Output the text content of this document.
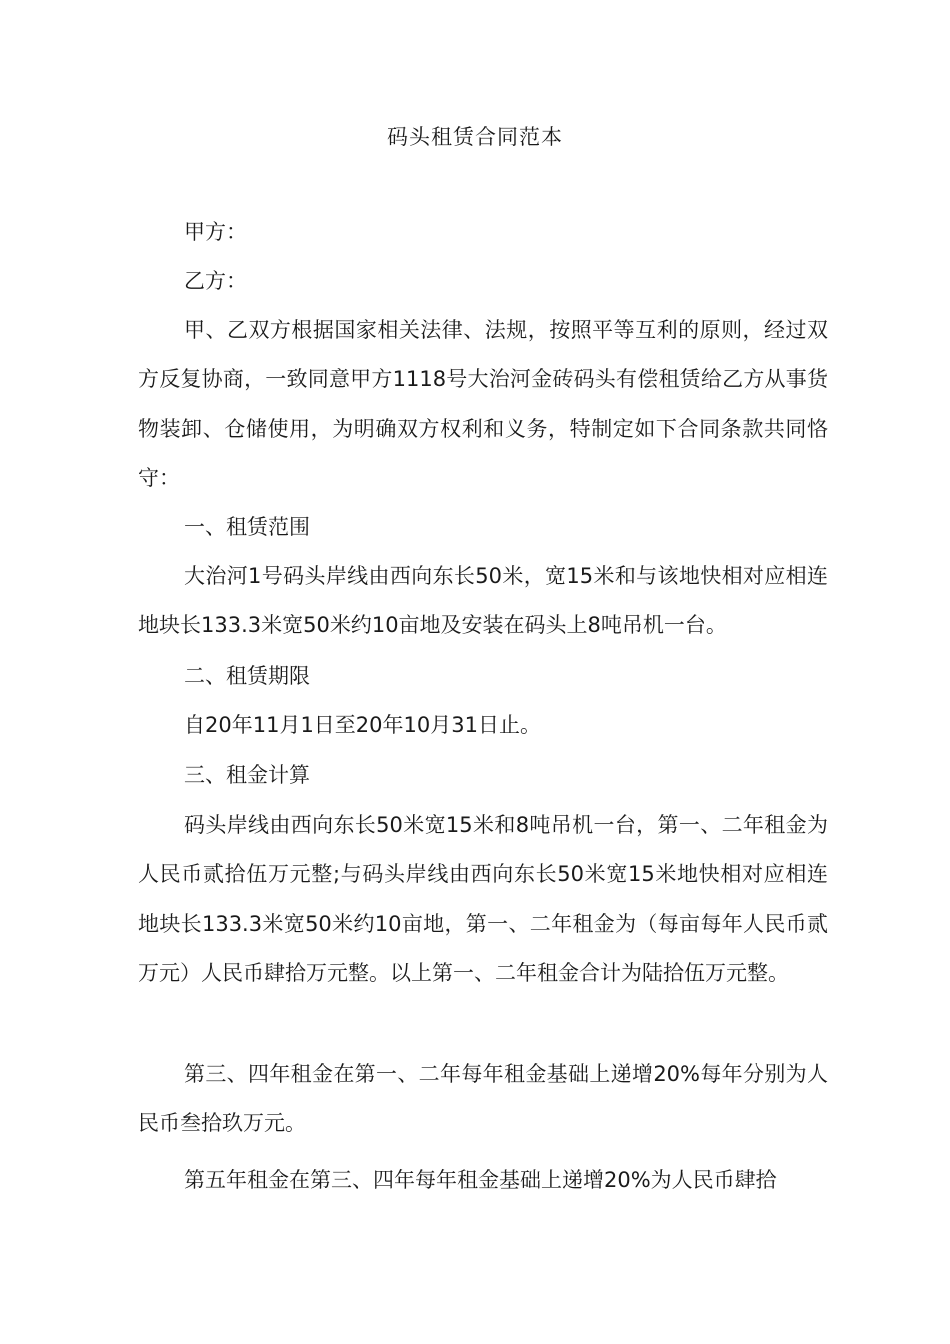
码头租赁合同范本

甲方：

乙方：

甲、乙双方根据国家相关法律、法规，按照平等互利的原则，经过双方反复协商，一致同意甲方1118号大治河金砖码头有偿租赁给乙方从事货物装卸、仓储使用，为明确双方权利和义务，特制定如下合同条款共同恪守：

一、租赁范围

大治河1号码头岸线由西向东长50米，宽15米和与该地快相对应相连地块长133.3米宽50米约10亩地及安装在码头上8吨吊机一台。

二、租赁期限

自20年11月1日至20年10月31日止。

三、租金计算

码头岸线由西向东长50米宽15米和8吨吊机一台，第一、二年租金为人民币贰拾伍万元整;与码头岸线由西向东长50米宽15米地快相对应相连地块长133.3米宽50米约10亩地，第一、二年租金为（每亩每年人民币贰万元）人民币肆拾万元整。以上第一、二年租金合计为陆拾伍万元整。

第三、四年租金在第一、二年每年租金基础上递增20%每年分别为人民币叁拾玖万元。

第五年租金在第三、四年每年租金基础上递增20%为人民币肆拾
